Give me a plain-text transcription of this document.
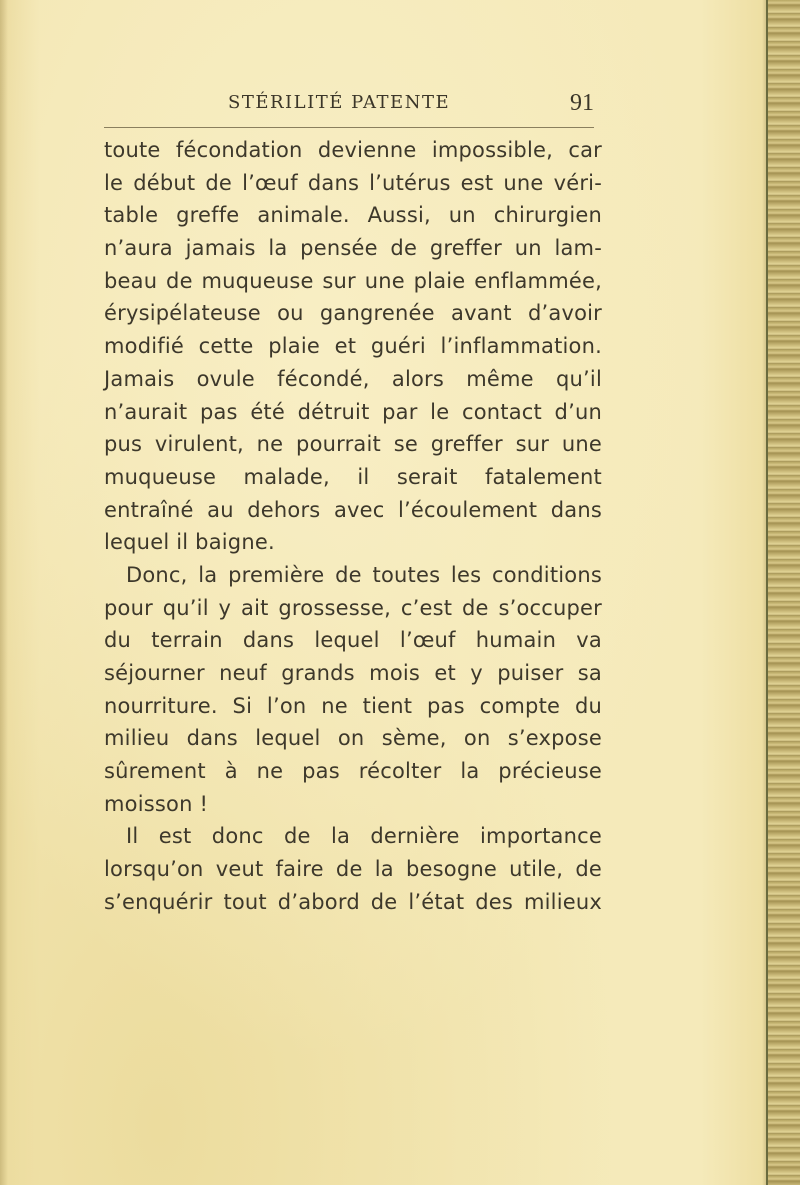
STÉRILITÉ PATENTE	91
toute fécondation devienne impossible, car
le début de l’œuf dans l’utérus est une véri-
table greffe animale. Aussi, un chirurgien
n’aura jamais la pensée de greffer un lam-
beau de muqueuse sur une plaie enflammée,
érysipélateuse ou gangrenée avant d’avoir
modifié cette plaie et guéri l’inflammation.
Jamais ovule fécondé, alors même qu’il
n’aurait pas été détruit par le contact d’un
pus virulent, ne pourrait se greffer sur une
muqueuse malade, il serait fatalement
entraîné au dehors avec l’écoulement dans
lequel il baigne.
Donc, la première de toutes les conditions
pour qu’il y ait grossesse, c’est de s’occuper
du terrain dans lequel l’œuf humain va
séjourner neuf grands mois et y puiser sa
nourriture. Si l’on ne tient pas compte du
milieu dans lequel on sème, on s’expose
sûrement à ne pas récolter la précieuse
moisson !
Il est donc de la dernière importance
lorsqu’on veut faire de la besogne utile, de
s’enquérir tout d’abord de l’état des milieux
